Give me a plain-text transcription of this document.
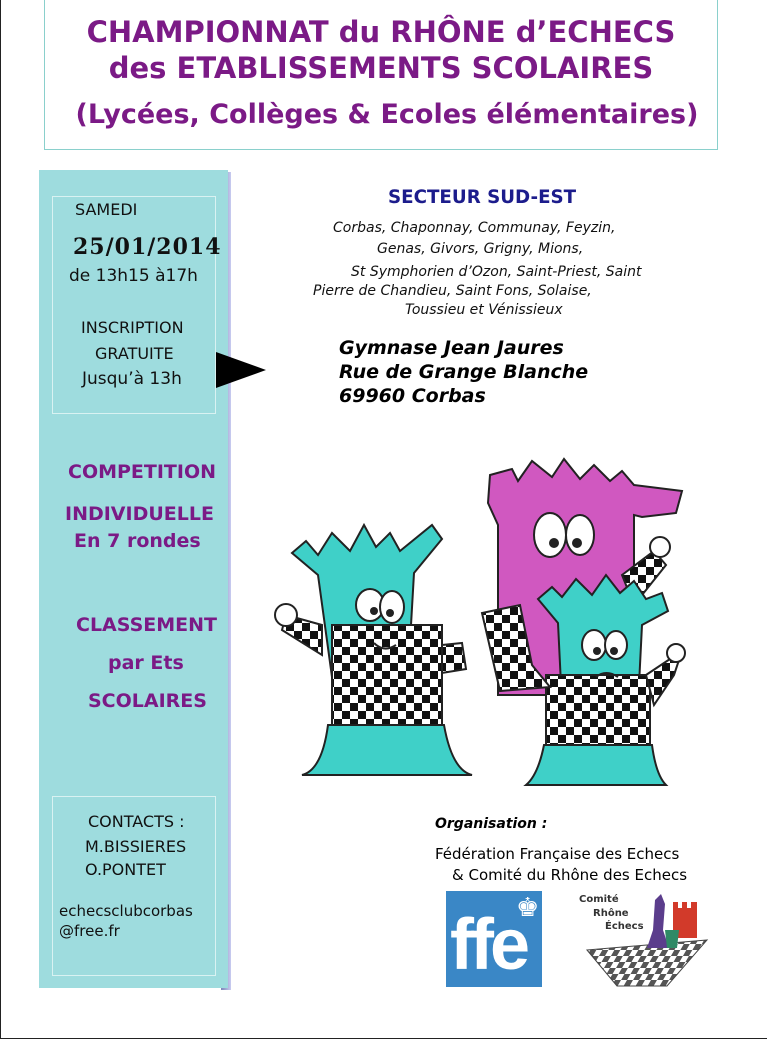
CHAMPIONNAT du RHÔNE d’ECHECS
des ETABLISSEMENTS SCOLAIRES
(Lycées, Collèges & Ecoles élémentaires)
SAMEDI
25/01/2014
de 13h15 à17h
INSCRIPTION
GRATUITE
Jusqu’à 13h
COMPETITION
INDIVIDUELLE
En 7 rondes
CLASSEMENT
par Ets
SCOLAIRES
CONTACTS :
M.BISSIERES
O.PONTET
echecsclubcorbas
@free.fr
SECTEUR SUD-EST
Corbas, Chaponnay, Communay, Feyzin,
Genas, Givors, Grigny, Mions,
St Symphorien d’Ozon, Saint-Priest, Saint
Pierre de Chandieu, Saint Fons, Solaise,
Toussieu et Vénissieux
Gymnase Jean Jaures
Rue de Grange Blanche
69960 Corbas
Organisation :
Fédération Française des Echecs
& Comité du Rhône des Echecs
ffe
♚	Comité
Rhône
Échecs
